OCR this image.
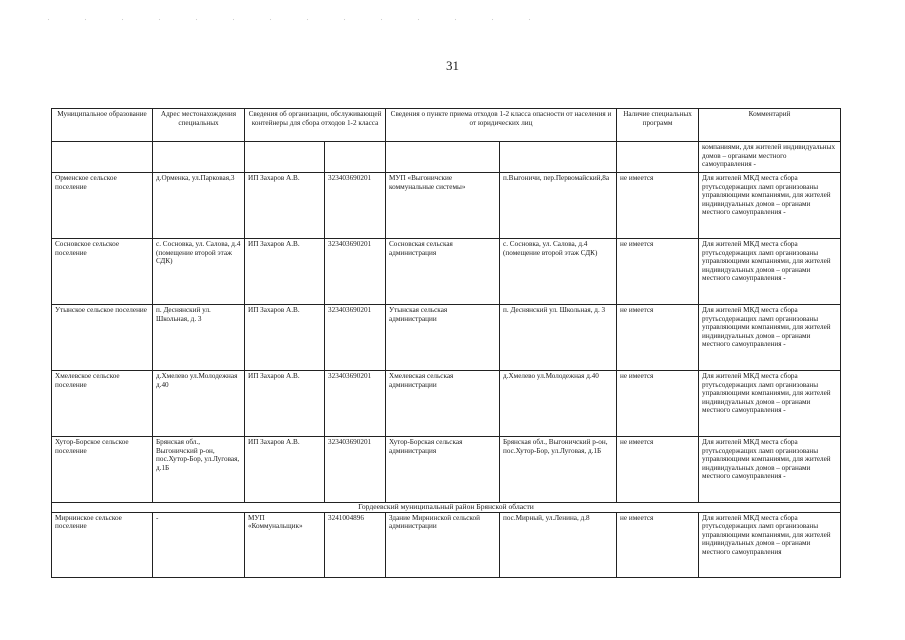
31
Муниципальное образование	Адрес местонахождения специальных	Сведения об организации, обслуживающей контейнеры для сбора отходов 1-2 класса		Сведения о пункте приема отходов 1-2 класса опасности от населения и от юридических лиц		Наличие специальных программ	Комментарий
							компаниями, для жителей индивидуальных домов – органами местного самоуправления -
Орменское сельское поселение	д.Орменка, ул.Парковая,3	ИП Захаров А.В.	323403690201	МУП «Выгоничские коммунальные системы»	п.Выгоничи, пер.Первомайский,8а	не имеется	Для жителей МКД места сбора ртутьсодержащих ламп организованы управляющими компаниями, для жителей индивидуальных домов – органами местного самоуправления -
Сосновское сельское поселение	с. Сосновка, ул. Салова, д.4 (помещение второй этаж СДК)	ИП Захаров А.В.	323403690201	Сосновская сельская администрация	с. Сосновка, ул. Салова, д.4 (помещение второй этаж СДК)	не имеется	Для жителей МКД места сбора ртутьсодержащих ламп организованы управляющими компаниями, для жителей индивидуальных домов – органами местного самоуправления -
Утынское сельское поселение	п. Деснянский ул. Школьная, д. 3	ИП Захаров А.В.	323403690201	Утынская сельская администрации	п. Деснянский ул. Школьная, д. 3	не имеется	Для жителей МКД места сбора ртутьсодержащих ламп организованы управляющими компаниями, для жителей индивидуальных домов – органами местного самоуправления -
Хмелевское сельское поселение	д.Хмелево ул.Молодежная д.40	ИП Захаров А.В.	323403690201	Хмелевская сельская администрации	д.Хмелево ул.Молодежная д.40	не имеется	Для жителей МКД места сбора ртутьсодержащих ламп организованы управляющими компаниями, для жителей индивидуальных домов – органами местного самоуправления -
Хутор-Борское сельское поселение	Брянская обл., Выгоничский р-он, пос.Хутор-Бор, ул.Луговая, д.1Б	ИП Захаров А.В.	323403690201	Хутор-Борская сельская администрация	Брянская обл., Выгоничский р-он, пос.Хутор-Бор, ул.Луговая, д.1Б	не имеется	Для жителей МКД места сбора ртутьсодержащих ламп организованы управляющими компаниями, для жителей индивидуальных домов – органами местного самоуправления -
Гордеевский муниципальный район Брянской области							
Мирнинское сельское поселение	-	МУП «Коммунальщик»	3241004896	Здание Мирнинской сельской администрации	пос.Мирный, ул.Ленина, д.8	не имеется	Для жителей МКД места сбора ртутьсодержащих ламп организованы управляющими компаниями, для жителей индивидуальных домов – органами местного самоуправления
